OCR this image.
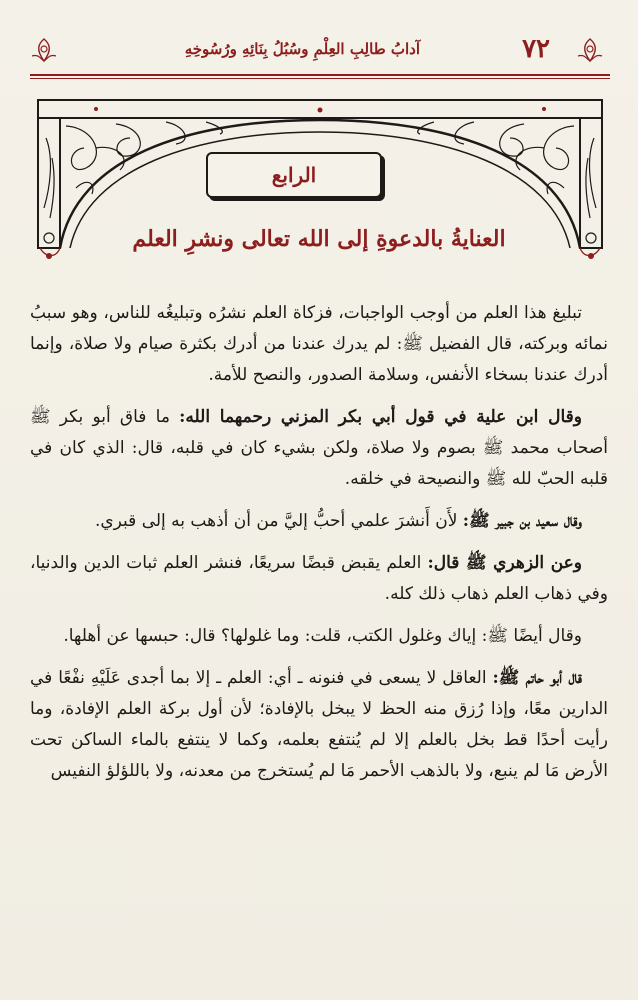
آدابُ طالِبِ العِلْمِ وسُبُلُ بِنَائِهِ ورُسُوخِهِ	٧٢
الرابع
العنايةُ بالدعوةِ إلى الله تعالى ونشرِ العلم

تبليغ هذا العلم من أوجب الواجبات، فزكاة العلم نشرُه وتبليغُه للناس، وهو سببُ نمائه وبركته، قال الفضيل ﷺ: لم يدرك عندنا من أدرك بكثرة صيام ولا صلاة، وإنما أدرك عندنا بسخاء الأنفس، وسلامة الصدور، والنصح للأمة.

وقال ابن علية في قول أبي بكر المزني رحمهما الله: ما فاق أبو بكر ﷺ أصحاب محمد ﷺ بصوم ولا صلاة، ولكن بشيء كان في قلبه، قال: الذي كان في قلبه الحبّ لله ﷺ والنصيحة في خلقه.

وقال سعيد بن جبير ﷺ: لأَن أَنشرَ علمي أحبُّ إليَّ من أن أذهب به إلى قبري.

وعن الزهري ﷺ قال: العلم يقبض قبضًا سريعًا، فنشر العلم ثبات الدين والدنيا، وفي ذهاب العلم ذهاب ذلك كله.

وقال أيضًا ﷺ: إياك وغلول الكتب، قلت: وما غلولها؟ قال: حبسها عن أهلها.

قال أبو حاتم ﷺ: العاقل لا يسعى في فنونه ـ أي: العلم ـ إلا بما أجدى عَلَيْهِ نفْعًا في الدارين معًا، وإذا رُزق منه الحظ لا يبخل بالإفادة؛ لأن أول بركة العلم الإفادة، وما رأيت أحدًا قط بخل بالعلم إلا لم يُنتفع بعلمه، وكما لا ينتفع بالماء الساكن تحت الأرض مَا لم ينبع، ولا بالذهب الأحمر مَا لم يُستخرج من معدنه، ولا باللؤلؤ النفيس
